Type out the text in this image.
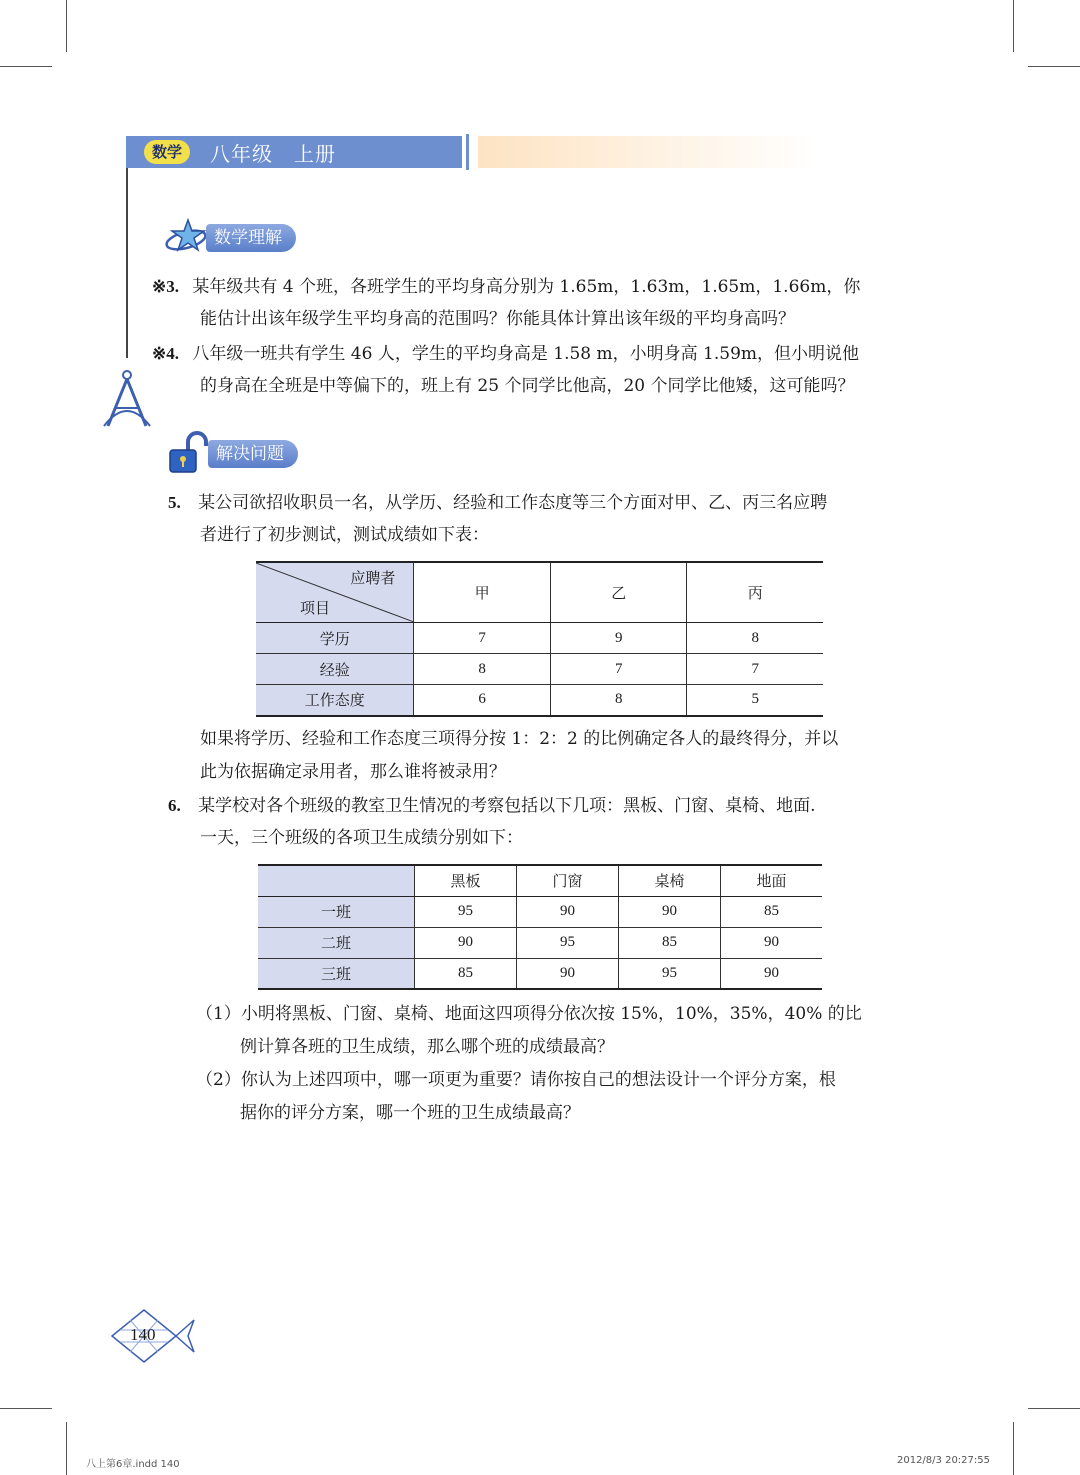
数学	八年级　上册
数学理解
※3. 某年级共有 4 个班，各班学生的平均身高分别为 1.65m，1.63m，1.65m，1.66m，你
能估计出该年级学生平均身高的范围吗？你能具体计算出该年级的平均身高吗？
※4. 八年级一班共有学生 46 人，学生的平均身高是 1.58 m，小明身高 1.59m，但小明说他
的身高在全班是中等偏下的，班上有 25 个同学比他高，20 个同学比他矮，这可能吗？
解决问题
5. 某公司欲招收职员一名，从学历、经验和工作态度等三个方面对甲、乙、丙三名应聘
者进行了初步测试，测试成绩如下表：
应聘者
项目	甲	乙	丙
学历	7	9	8
经验	8	7	7
工作态度	6	8	5
如果将学历、经验和工作态度三项得分按 1：2：2 的比例确定各人的最终得分，并以
此为依据确定录用者，那么谁将被录用？
6. 某学校对各个班级的教室卫生情况的考察包括以下几项：黑板、门窗、桌椅、地面.
一天，三个班级的各项卫生成绩分别如下：
	黑板	门窗	桌椅	地面
一班	95	90	90	85
二班	90	95	85	90
三班	85	90	95	90
（1）小明将黑板、门窗、桌椅、地面这四项得分依次按 15%，10%，35%，40% 的比
例计算各班的卫生成绩，那么哪个班的成绩最高？
（2）你认为上述四项中，哪一项更为重要？请你按自己的想法设计一个评分方案，根
据你的评分方案，哪一个班的卫生成绩最高？
140
八上第6章.indd 140	2012/8/3 20:27:55
